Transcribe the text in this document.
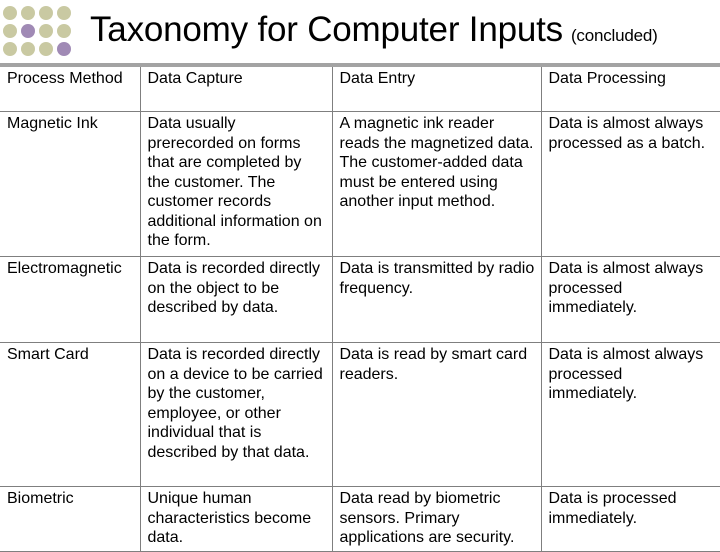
Taxonomy for Computer Inputs (concluded)
Process Method	Data Capture	Data Entry	Data Processing
Magnetic Ink	Data usually prerecorded on forms that are completed by the customer. The customer records additional information on the form.	A magnetic ink reader reads the magnetized data. The customer-added data must be entered using another input method.	Data is almost always processed as a batch.
Electromagnetic	Data is recorded directly on the object to be described by data.	Data is transmitted by radio frequency.	Data is almost always processed immediately.
Smart Card	Data is recorded directly on a device to be carried by the customer, employee, or other individual that is described by that data.	Data is read by smart card readers.	Data is almost always processed immediately.
Biometric	Unique human characteristics become data.	Data read by biometric sensors. Primary applications are security.	Data is processed immediately.
